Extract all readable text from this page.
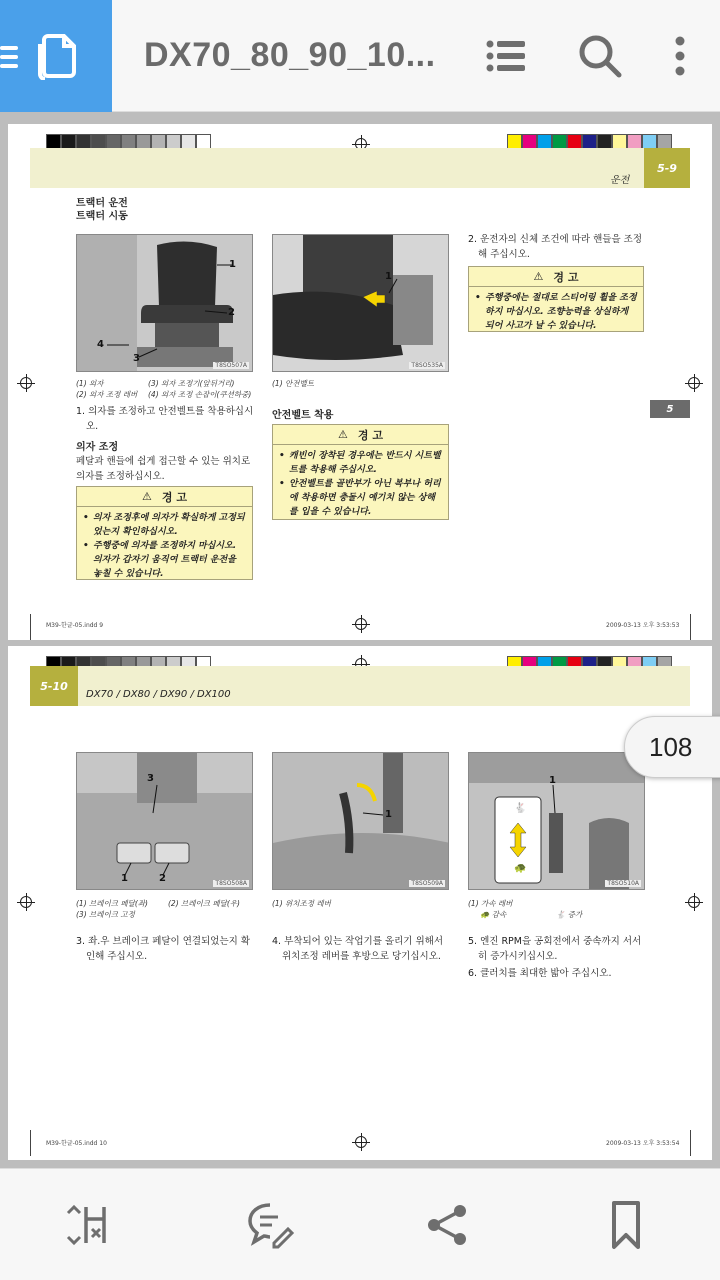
DX70_80_90_10...
운전
5-9
트랙터 운전
트랙터 시동
1
2
4
3
T8SO507A
1
T8SO535A
(1) 의자	(3) 의자 조정기(앞뒤거리)
(2) 의자 조정 레버 (4) 의자 조정 손잡이(쿠션하중)
(1) 안전벨트
1. 의자를 조정하고 안전벨트를 착용하십시오.
의자 조정
페달과 핸들에 쉽게 접근할 수 있는 위치로 의자를 조정하십시오.
⚠ 경 고
• 의자 조정후에 의자가 확실하게 고정되었는지 확인하십시오.
• 주행중에 의자를 조정하지 마십시오. 의자가 갑자기 움직여 트랙터 운전을 놓칠 수 있습니다.
안전벨트 착용
⚠ 경 고
• 캐빈이 장착된 경우에는 반드시 시트벨트를 착용해 주십시오.
• 안전벨트를 골반부가 아닌 복부나 허리에 착용하면 충돌시 예기치 않는 상해를 입을 수 있습니다.
2. 운전자의 신체 조건에 따라 핸들을 조정해 주십시오.
⚠ 경 고
• 주행중에는 절대로 스티어링 휠을 조정하지 마십시오. 조향능력을 상실하게 되어 사고가 날 수 있습니다.
5
M39-한글-05.indd 9	2009-03-13 오후 3:53:53
5-10
DX70 / DX80 / DX90 / DX100
3
1	2	T8SO508A
1
T8SO509A
1
🐇
🐢
T8SO510A
(1) 브레이크 페달(좌)	(2) 브레이크 페달(우)
(3) 브레이크 고정
(1) 위치조정 레버	(1) 가속 레버
🐢 감속	🐇 증가
3. 좌.우 브레이크 페달이 연결되었는지 확인해 주십시오.
4. 부착되어 있는 작업기를 올리기 위해서 위치조정 레버를 후방으로 당기십시오.
5. 엔진 RPM을 공회전에서 중속까지 서서히 증가시키십시오.
6. 클러치를 최대한 밟아 주십시오.
M39-한글-05.indd 10	2009-03-13 오후 3:53:54
108
